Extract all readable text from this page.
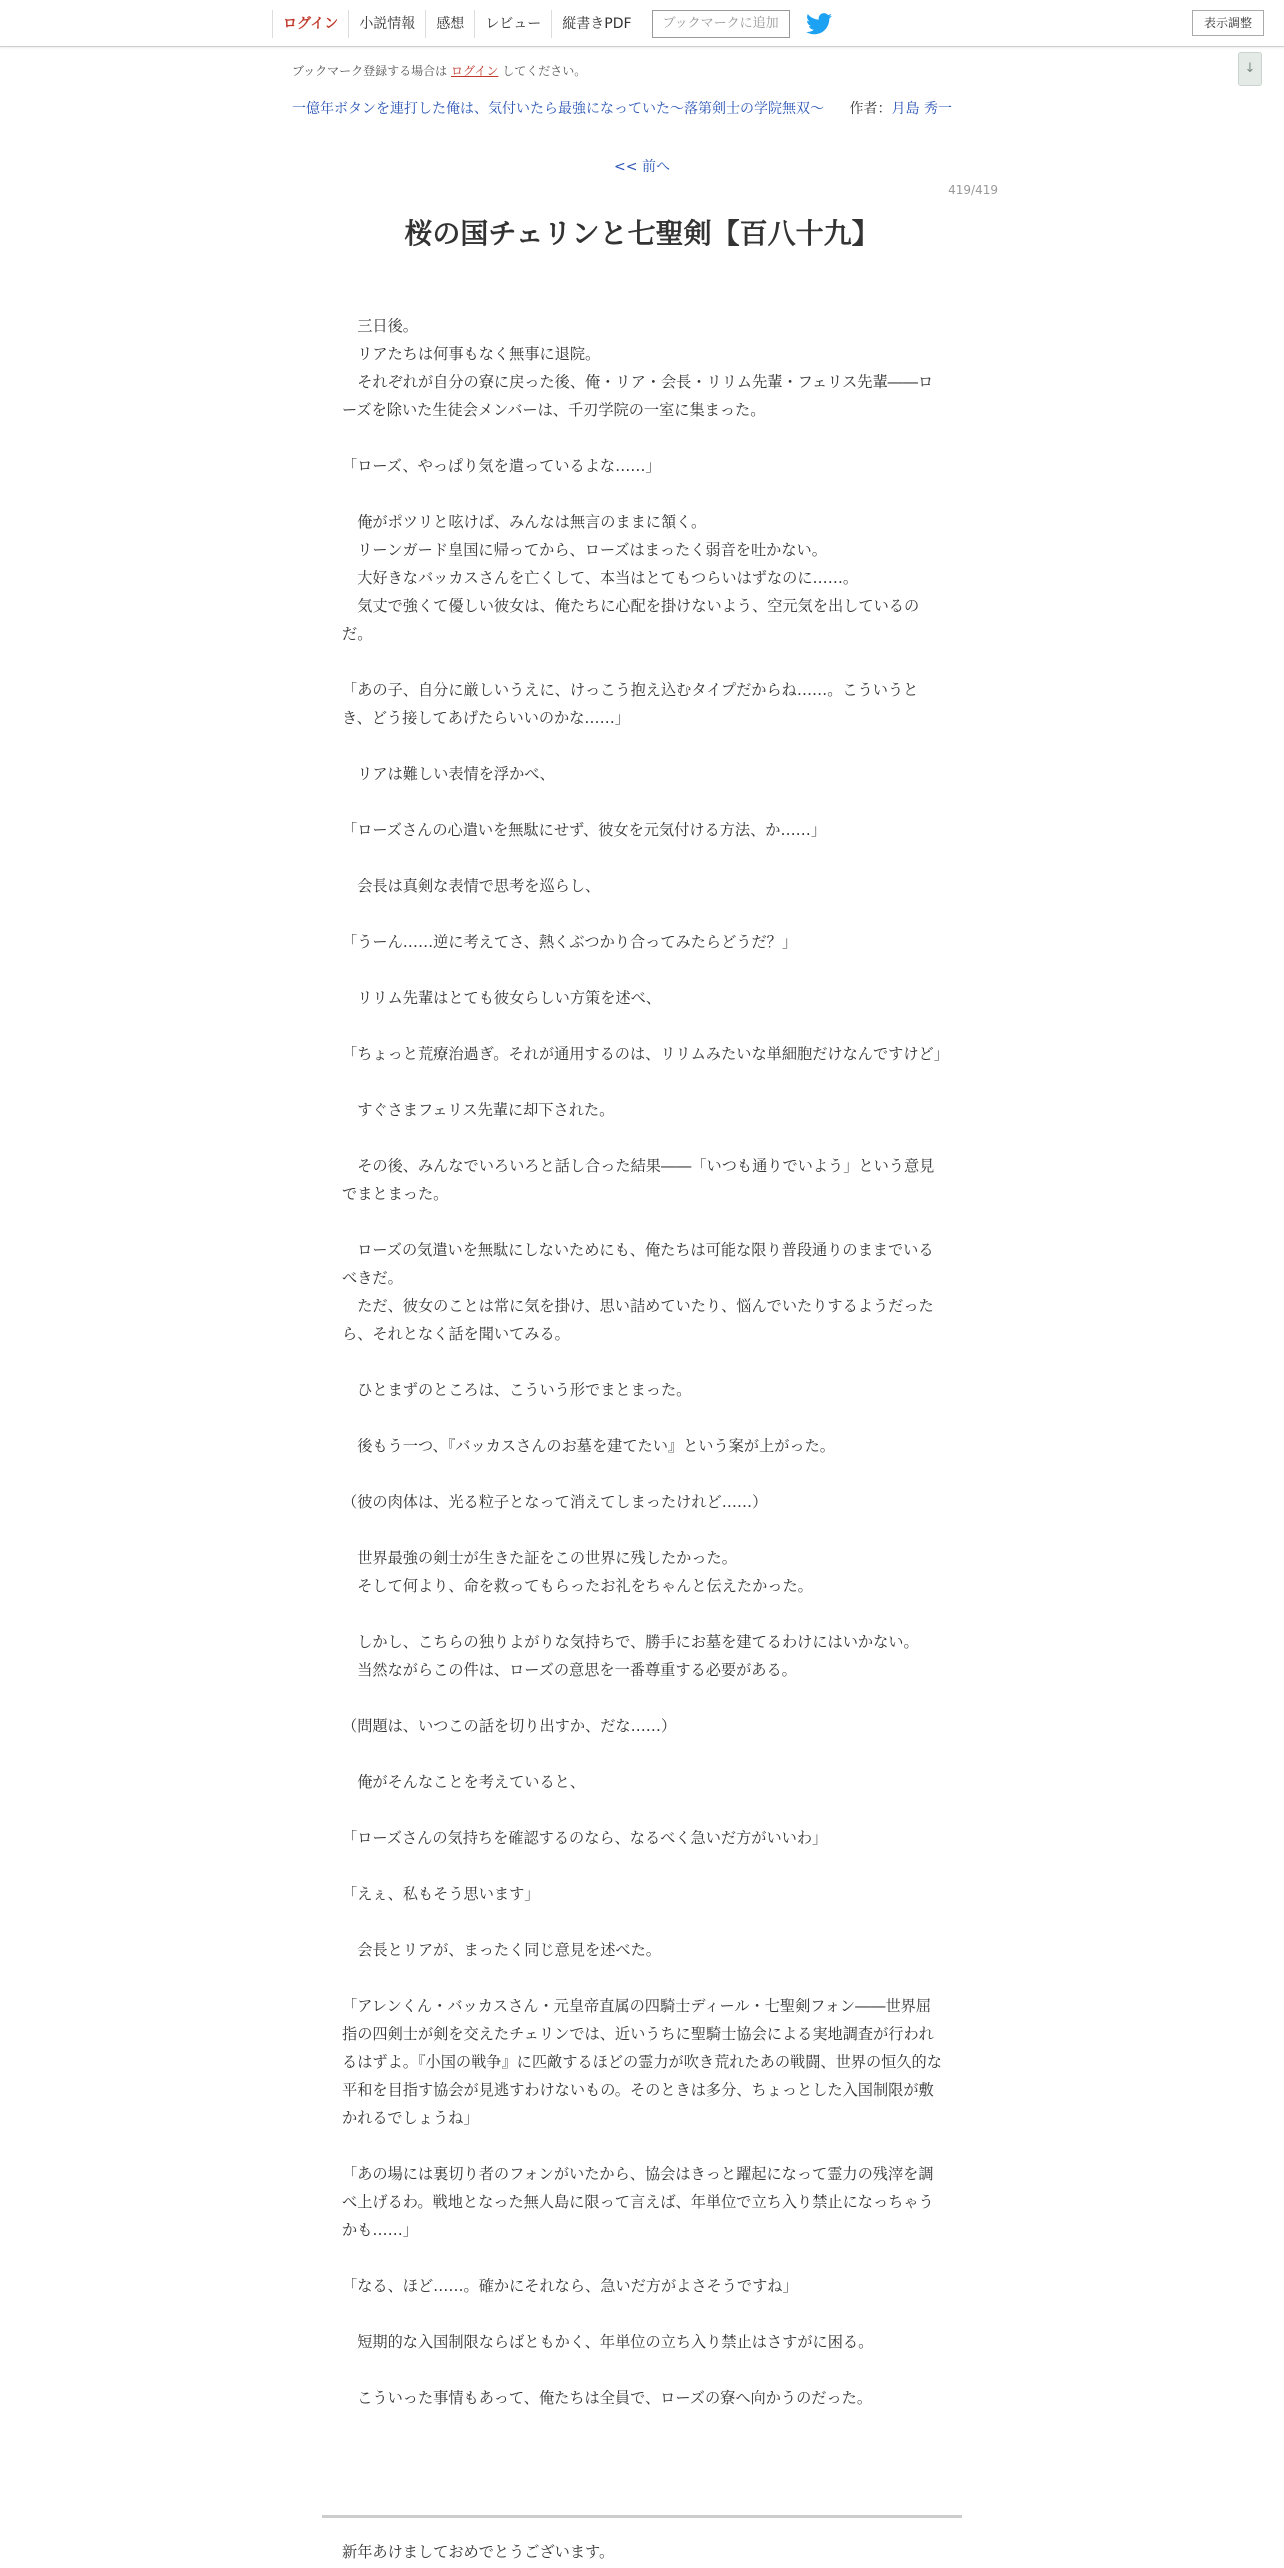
ログイン	小説情報	感想	レビュー	縦書きPDF	ブックマークに追加	表示調整
↓
ブックマーク登録する場合は ログイン してください。
一億年ボタンを連打した俺は、気付いたら最強になっていた～落第剣士の学院無双～ 作者：月島 秀一
<< 前へ
419/419
桜の国チェリンと七聖剣【百八十九】

　三日後。

　リアたちは何事もなく無事に退院。

　それぞれが自分の寮に戻った後、俺・リア・会長・リリム先輩・フェリス先輩――ローズを除いた生徒会メンバーは、千刃学院の一室に集まった。

「ローズ、やっぱり気を遣っているよな……」

　俺がポツリと呟けば、みんなは無言のままに頷く。

　リーンガード皇国に帰ってから、ローズはまったく弱音を吐かない。

　大好きなバッカスさんを亡くして、本当はとてもつらいはずなのに……。

　気丈で強くて優しい彼女は、俺たちに心配を掛けないよう、空元気を出しているのだ。

「あの子、自分に厳しいうえに、けっこう抱え込むタイプだからね……。こういうとき、どう接してあげたらいいのかな……」

　リアは難しい表情を浮かべ、

「ローズさんの心遣いを無駄にせず、彼女を元気付ける方法、か……」

　会長は真剣な表情で思考を巡らし、

「うーん……逆に考えてさ、熱くぶつかり合ってみたらどうだ？」

　リリム先輩はとても彼女らしい方策を述べ、

「ちょっと荒療治過ぎ。それが通用するのは、リリムみたいな単細胞だけなんですけど」

　すぐさまフェリス先輩に却下された。

　その後、みんなでいろいろと話し合った結果――「いつも通りでいよう」という意見でまとまった。

　ローズの気遣いを無駄にしないためにも、俺たちは可能な限り普段通りのままでいるべきだ。

　ただ、彼女のことは常に気を掛け、思い詰めていたり、悩んでいたりするようだったら、それとなく話を聞いてみる。

　ひとまずのところは、こういう形でまとまった。

　後もう一つ、『バッカスさんのお墓を建てたい』という案が上がった。

（彼の肉体は、光る粒子となって消えてしまったけれど……）

　世界最強の剣士が生きた証をこの世界に残したかった。

　そして何より、命を救ってもらったお礼をちゃんと伝えたかった。

　しかし、こちらの独りよがりな気持ちで、勝手にお墓を建てるわけにはいかない。

　当然ながらこの件は、ローズの意思を一番尊重する必要がある。

（問題は、いつこの話を切り出すか、だな……）

　俺がそんなことを考えていると、

「ローズさんの気持ちを確認するのなら、なるべく急いだ方がいいわ」

「えぇ、私もそう思います」

　会長とリアが、まったく同じ意見を述べた。

「アレンくん・バッカスさん・元皇帝直属の四騎士ディール・七聖剣フォン――世界屈指の四剣士が剣を交えたチェリンでは、近いうちに聖騎士協会による実地調査が行われるはずよ。『小国の戦争』に匹敵するほどの霊力が吹き荒れたあの戦闘、世界の恒久的な平和を目指す協会が見逃すわけないもの。そのときは多分、ちょっとした入国制限が敷かれるでしょうね」

「あの場には裏切り者のフォンがいたから、協会はきっと躍起になって霊力の残滓を調べ上げるわ。戦地となった無人島に限って言えば、年単位で立ち入り禁止になっちゃうかも……」

「なる、ほど……。確かにそれなら、急いだ方がよさそうですね」

　短期的な入国制限ならばともかく、年単位の立ち入り禁止はさすがに困る。

　こういった事情もあって、俺たちは全員で、ローズの寮へ向かうのだった。

新年あけましておめでとうございます。
